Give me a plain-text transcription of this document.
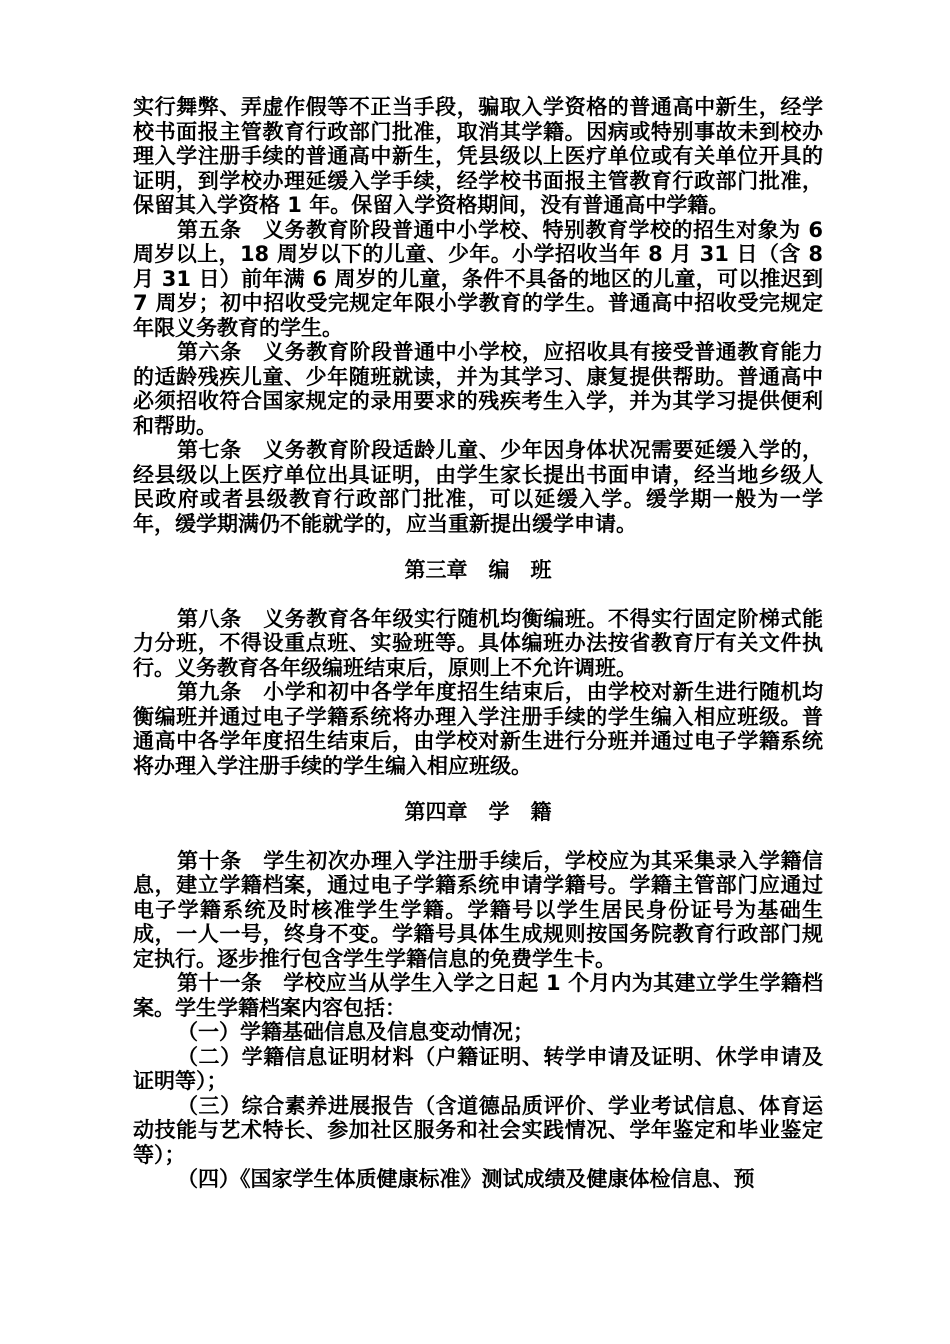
实行舞弊、弄虚作假等不正当手段，骗取入学资格的普通高中新生，经学校书面报主管教育行政部门批准，取消其学籍。因病或特别事故未到校办理入学注册手续的普通高中新生，凭县级以上医疗单位或有关单位开具的证明，到学校办理延缓入学手续，经学校书面报主管教育行政部门批准，保留其入学资格 1 年。保留入学资格期间，没有普通高中学籍。

第五条　义务教育阶段普通中小学校、特别教育学校的招生对象为 6 周岁以上，18 周岁以下的儿童、少年。小学招收当年 8 月 31 日（含 8 月 31 日）前年满 6 周岁的儿童，条件不具备的地区的儿童，可以推迟到 7 周岁；初中招收受完规定年限小学教育的学生。普通高中招收受完规定年限义务教育的学生。

第六条　义务教育阶段普通中小学校，应招收具有接受普通教育能力的适龄残疾儿童、少年随班就读，并为其学习、康复提供帮助。普通高中必须招收符合国家规定的录用要求的残疾考生入学，并为其学习提供便利和帮助。

第七条　义务教育阶段适龄儿童、少年因身体状况需要延缓入学的，经县级以上医疗单位出具证明，由学生家长提出书面申请，经当地乡级人民政府或者县级教育行政部门批准，可以延缓入学。缓学期一般为一学年，缓学期满仍不能就学的，应当重新提出缓学申请。

第三章　编　班

第八条　义务教育各年级实行随机均衡编班。不得实行固定阶梯式能力分班，不得设重点班、实验班等。具体编班办法按省教育厅有关文件执行。义务教育各年级编班结束后，原则上不允许调班。

第九条　小学和初中各学年度招生结束后，由学校对新生进行随机均衡编班并通过电子学籍系统将办理入学注册手续的学生编入相应班级。普通高中各学年度招生结束后，由学校对新生进行分班并通过电子学籍系统将办理入学注册手续的学生编入相应班级。

第四章　学　籍

第十条　学生初次办理入学注册手续后，学校应为其采集录入学籍信息，建立学籍档案，通过电子学籍系统申请学籍号。学籍主管部门应通过电子学籍系统及时核准学生学籍。学籍号以学生居民身份证号为基础生成，一人一号，终身不变。学籍号具体生成规则按国务院教育行政部门规定执行。逐步推行包含学生学籍信息的免费学生卡。

第十一条　学校应当从学生入学之日起 1 个月内为其建立学生学籍档案。学生学籍档案内容包括：

（一）学籍基础信息及信息变动情况；

（二）学籍信息证明材料（户籍证明、转学申请及证明、休学申请及证明等）；

（三）综合素养进展报告（含道德品质评价、学业考试信息、体育运动技能与艺术特长、参加社区服务和社会实践情况、学年鉴定和毕业鉴定等）；

（四）《国家学生体质健康标准》测试成绩及健康体检信息、预
